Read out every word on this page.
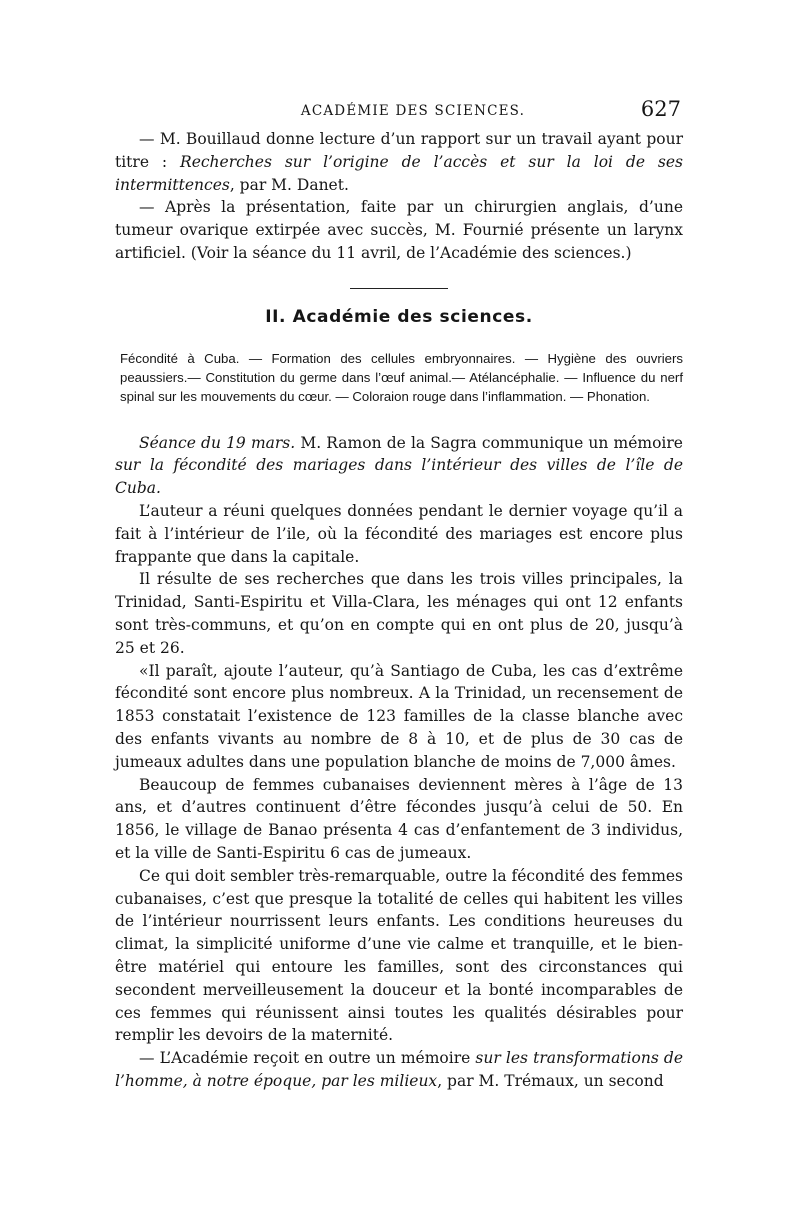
ACADÉMIE DES SCIENCES.	627

— M. Bouillaud donne lecture d’un rapport sur un travail ayant pour titre : Recherches sur l’origine de l’accès et sur la loi de ses intermittences, par M. Danet.

— Après la présentation, faite par un chirurgien anglais, d’une tumeur ovarique extirpée avec succès, M. Fournié présente un larynx artificiel. (Voir la séance du 11 avril, de l’Académie des sciences.)

II. Académie des sciences.

Fécondité à Cuba. — Formation des cellules embryonnaires. — Hygiène des ouvriers peaussiers.— Constitution du germe dans l’œuf animal.— Atélancéphalie. — Influence du nerf spinal sur les mouvements du cœur. — Coloraion rouge dans l’inflammation. — Phonation.

Séance du 19 mars. M. Ramon de la Sagra communique un mémoire sur la fécondité des mariages dans l’intérieur des villes de l’île de Cuba.

L’auteur a réuni quelques données pendant le dernier voyage qu’il a fait à l’intérieur de l’ile, où la fécondité des mariages est encore plus frappante que dans la capitale.

Il résulte de ses recherches que dans les trois villes principales, la Trinidad, Santi-Espiritu et Villa-Clara, les ménages qui ont 12 enfants sont très-communs, et qu’on en compte qui en ont plus de 20, jusqu’à 25 et 26.

«Il paraît, ajoute l’auteur, qu’à Santiago de Cuba, les cas d’extrême fécondité sont encore plus nombreux. A la Trinidad, un recensement de 1853 constatait l’existence de 123 familles de la classe blanche avec des enfants vivants au nombre de 8 à 10, et de plus de 30 cas de jumeaux adultes dans une population blanche de moins de 7,000 âmes.

Beaucoup de femmes cubanaises deviennent mères à l’âge de 13 ans, et d’autres continuent d’être fécondes jusqu’à celui de 50. En 1856, le village de Banao présenta 4 cas d’enfantement de 3 individus, et la ville de Santi-Espiritu 6 cas de jumeaux.

Ce qui doit sembler très-remarquable, outre la fécondité des femmes cubanaises, c’est que presque la totalité de celles qui habitent les villes de l’intérieur nourrissent leurs enfants. Les conditions heureuses du climat, la simplicité uniforme d’une vie calme et tranquille, et le bien-être matériel qui entoure les familles, sont des circonstances qui secondent merveilleusement la douceur et la bonté incomparables de ces femmes qui réunissent ainsi toutes les qualités désirables pour remplir les devoirs de la maternité.

— L’Académie reçoit en outre un mémoire sur les transformations de l’homme, à notre époque, par les milieux, par M. Trémaux, un second
